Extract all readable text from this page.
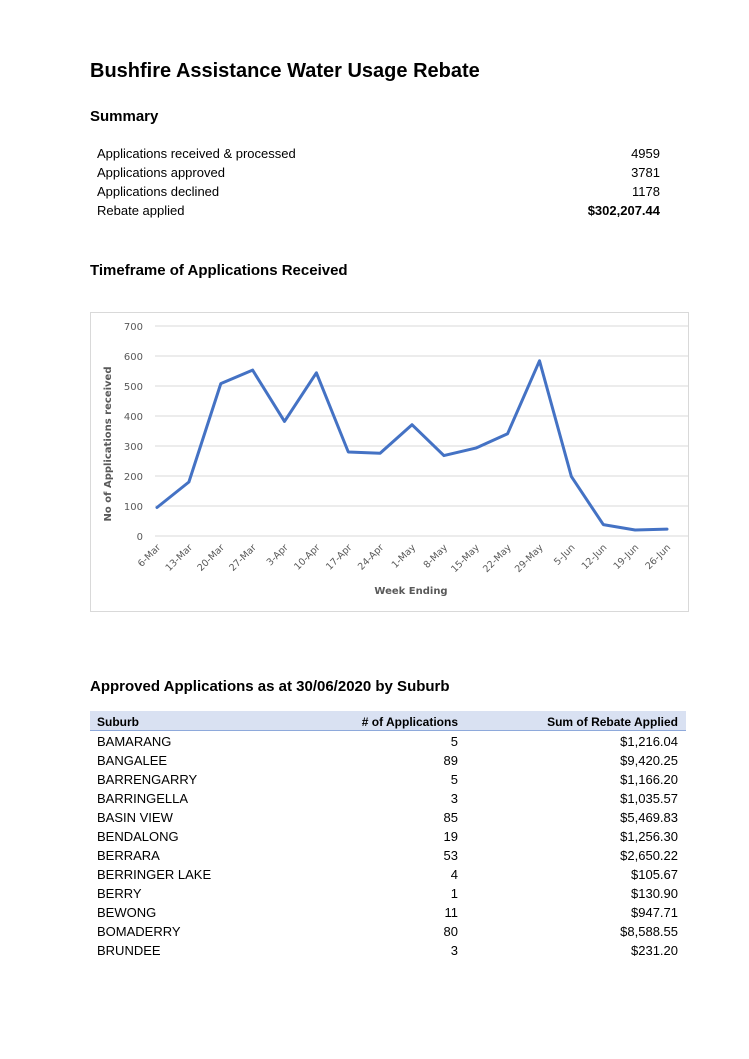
Bushfire Assistance Water Usage Rebate
Summary
Applications received & processed	4959
Applications approved	3781
Applications declined	1178
Rebate applied	$302,207.44
Timeframe of Applications Received
0
100
200
300
400
500
600
700
6-Mar 13-Mar 20-Mar 27-Mar 3-Apr 10-Apr 17-Apr 24-Apr 1-May 8-May 15-May 22-May 29-May 5-Jun 12-Jun 19-Jun 26-Jun
No of Applications received
Week Ending
Approved Applications as at 30/06/2020 by Suburb
Suburb	# of Applications	Sum of Rebate Applied
BAMARANG	5	$1,216.04
BANGALEE	89	$9,420.25
BARRENGARRY	5	$1,166.20
BARRINGELLA	3	$1,035.57
BASIN VIEW	85	$5,469.83
BENDALONG	19	$1,256.30
BERRARA	53	$2,650.22
BERRINGER LAKE	4	$105.67
BERRY	1	$130.90
BEWONG	11	$947.71
BOMADERRY	80	$8,588.55
BRUNDEE	3	$231.20
